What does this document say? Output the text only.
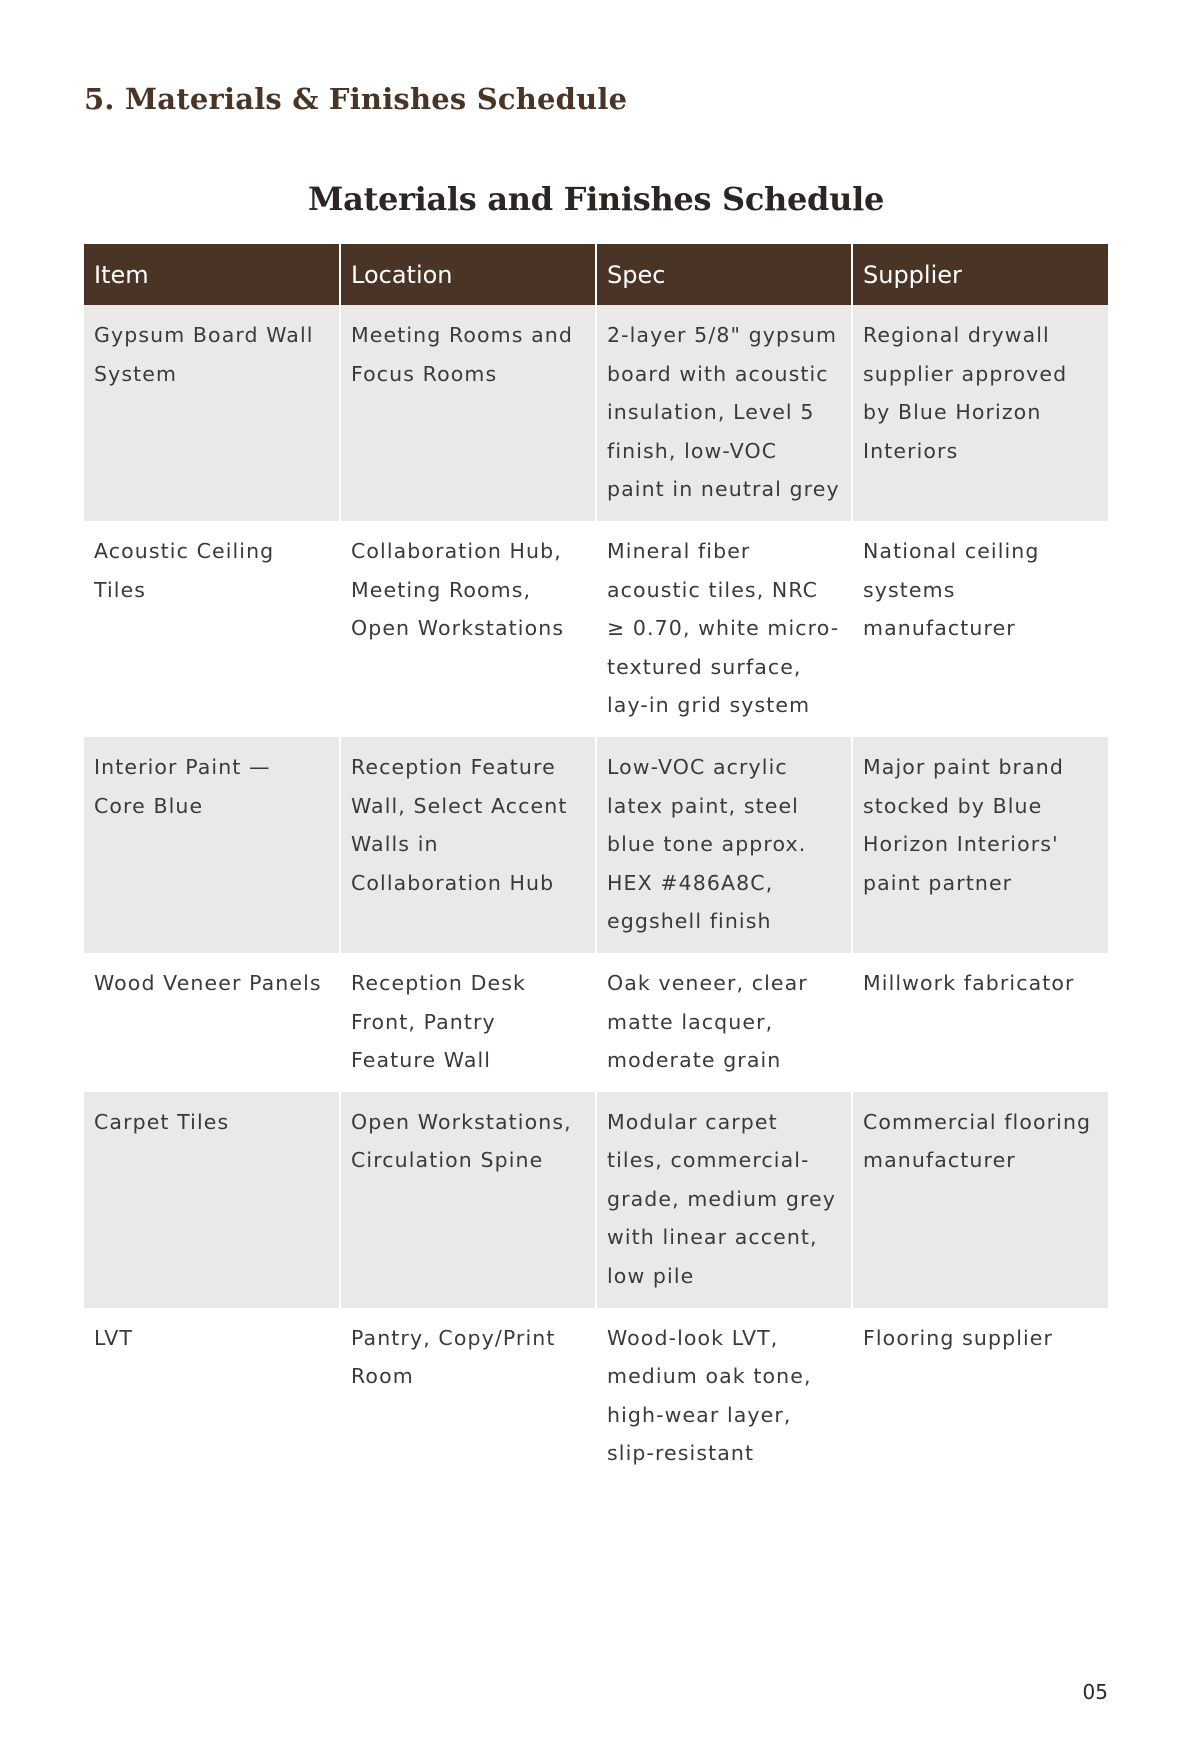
5. Materials & Finishes Schedule
Materials and Finishes Schedule
Item	Location	Spec	Supplier
Gypsum Board Wall System	Meeting Rooms and Focus Rooms	2-layer 5/8" gypsum board with acoustic insulation, Level 5 finish, low-VOC paint in neutral grey	Regional drywall supplier approved by Blue Horizon Interiors
Acoustic Ceiling Tiles	Collaboration Hub, Meeting Rooms, Open Workstations	Mineral fiber acoustic tiles, NRC ≥ 0.70, white micro-textured surface, lay-in grid system	National ceiling systems manufacturer
Interior Paint — Core Blue	Reception Feature Wall, Select Accent Walls in Collaboration Hub	Low-VOC acrylic latex paint, steel blue tone approx. HEX #486A8C, eggshell finish	Major paint brand stocked by Blue Horizon Interiors' paint partner
Wood Veneer Panels	Reception Desk Front, Pantry Feature Wall	Oak veneer, clear matte lacquer, moderate grain	Millwork fabricator
Carpet Tiles	Open Workstations, Circulation Spine	Modular carpet tiles, commercial-grade, medium grey with linear accent, low pile	Commercial flooring manufacturer
LVT	Pantry, Copy/Print Room	Wood-look LVT, medium oak tone, high-wear layer, slip-resistant	Flooring supplier
05
